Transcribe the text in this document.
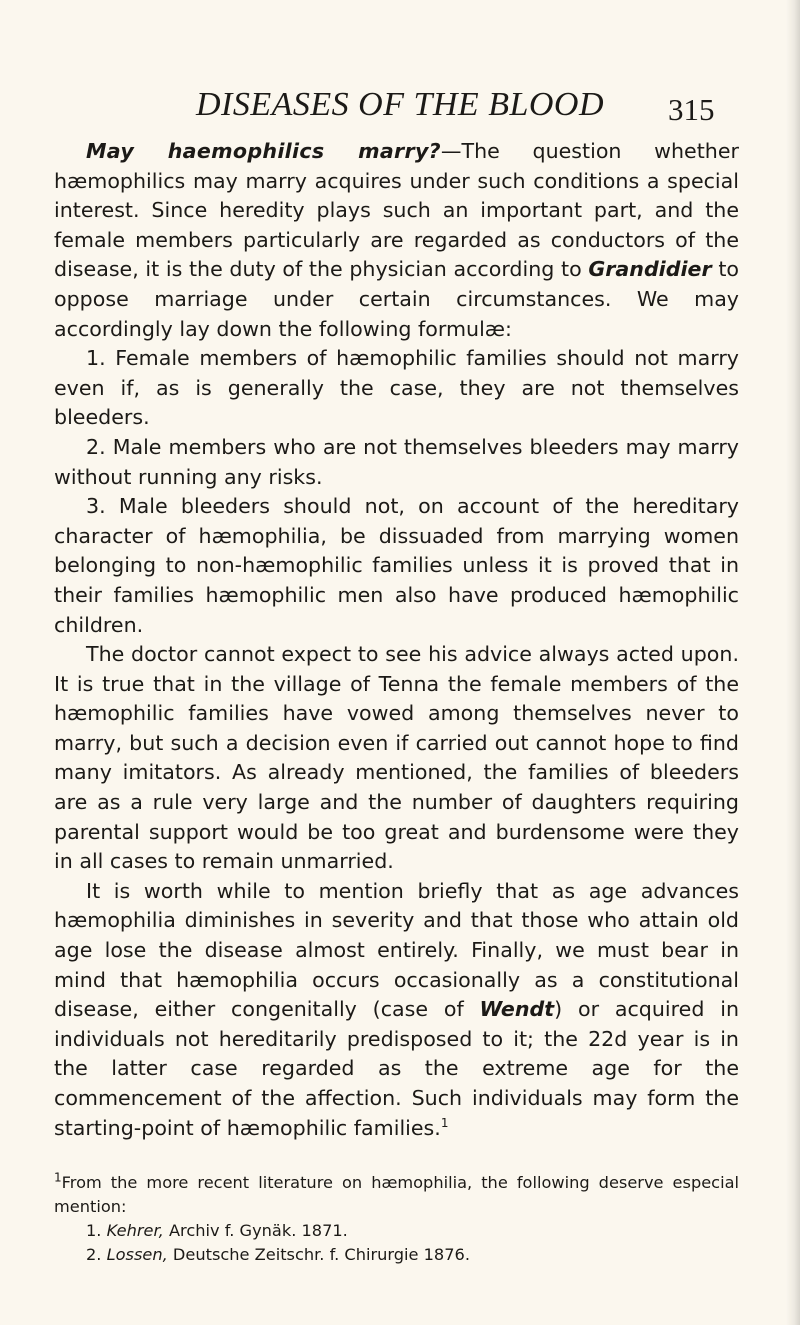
DISEASES OF THE BLOOD	315

May haemophilics marry?—The question whether hæmophilics may marry acquires under such conditions a special interest. Since heredity plays such an important part, and the female members particularly are regarded as conductors of the disease, it is the duty of the physician according to Grandidier to oppose marriage under certain circumstances. We may accordingly lay down the following formulæ:

1. Female members of hæmophilic families should not marry even if, as is generally the case, they are not themselves bleeders.

2. Male members who are not themselves bleeders may marry without running any risks.

3. Male bleeders should not, on account of the hereditary character of hæmophilia, be dissuaded from marrying women belonging to non-hæmophilic families unless it is proved that in their families hæmophilic men also have produced hæmophilic children.

The doctor cannot expect to see his advice always acted upon. It is true that in the village of Tenna the female members of the hæmophilic families have vowed among themselves never to marry, but such a decision even if carried out cannot hope to find many imitators. As already mentioned, the families of bleeders are as a rule very large and the number of daughters requiring parental support would be too great and burdensome were they in all cases to remain unmarried.

It is worth while to mention briefly that as age advances hæmophilia diminishes in severity and that those who attain old age lose the disease almost entirely. Finally, we must bear in mind that hæmophilia occurs occasionally as a constitutional disease, either congenitally (case of Wendt) or acquired in individuals not hereditarily predisposed to it; the 22d year is in the latter case regarded as the extreme age for the commencement of the affection. Such individuals may form the starting-point of hæmophilic families.$^1$

$^1$From the more recent literature on hæmophilia, the following deserve especial mention:

1. Kehrer, Archiv f. Gynäk. 1871.

2. Lossen, Deutsche Zeitschr. f. Chirurgie 1876.
